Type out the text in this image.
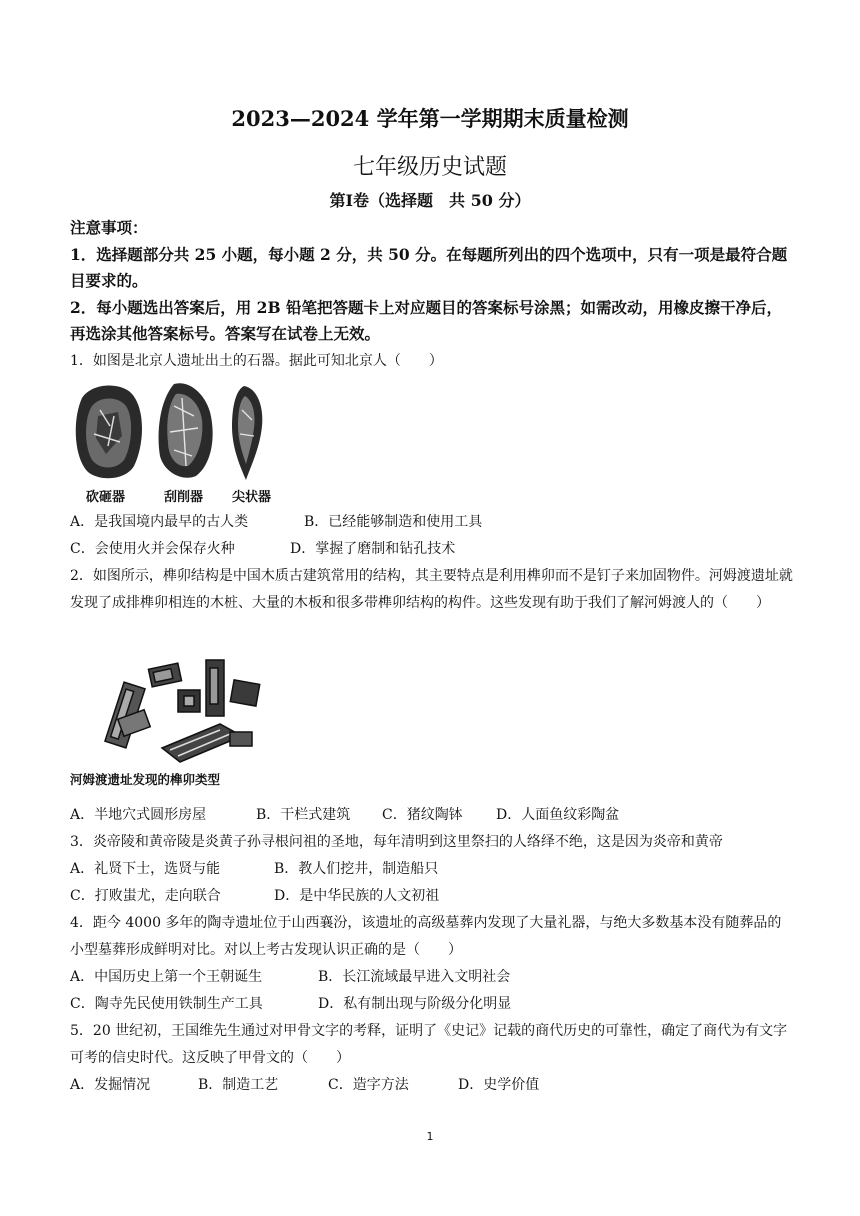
2023—2024 学年第一学期期末质量检测
七年级历史试题
第Ⅰ卷（选择题　共 50 分）
注意事项：
1．选择题部分共 25 小题，每小题 2 分，共 50 分。在每题所列出的四个选项中，只有一项是最符合题目要求的。
2．每小题选出答案后，用 2B 铅笔把答题卡上对应题目的答案标号涂黑；如需改动，用橡皮擦干净后，再选涂其他答案标号。答案写在试卷上无效。
1．如图是北京人遗址出土的石器。据此可知北京人（　　）
砍砸器	刮削器 尖状器
A．是我国境内最早的古人类	B．已经能够制造和使用工具
C．会使用火并会保存火种	D．掌握了磨制和钻孔技术
2．如图所示，榫卯结构是中国木质古建筑常用的结构，其主要特点是利用榫卯而不是钉子来加固物件。河姆渡遗址就发现了成排榫卯相连的木桩、大量的木板和很多带榫卯结构的构件。这些发现有助于我们了解河姆渡人的（　　）
河姆渡遗址发现的榫卯类型
A．半地穴式圆形房屋	B．干栏式建筑 C．猪纹陶钵 D．人面鱼纹彩陶盆
3．炎帝陵和黄帝陵是炎黄子孙寻根问祖的圣地，每年清明到这里祭扫的人络绎不绝，这是因为炎帝和黄帝
A．礼贤下士，选贤与能	B．教人们挖井，制造船只
C．打败蚩尤，走向联合	D．是中华民族的人文初祖
4．距今 4000 多年的陶寺遗址位于山西襄汾，该遗址的高级墓葬内发现了大量礼器，与绝大多数基本没有随葬品的小型墓葬形成鲜明对比。对以上考古发现认识正确的是（　　）
A．中国历史上第一个王朝诞生	B．长江流域最早进入文明社会
C．陶寺先民使用铁制生产工具	D．私有制出现与阶级分化明显
5．20 世纪初，王国维先生通过对甲骨文字的考释，证明了《史记》记载的商代历史的可靠性，确定了商代为有文字可考的信史时代。这反映了甲骨文的（　　）
A．发掘情况	B．制造工艺	C．造字方法	D．史学价值
1
